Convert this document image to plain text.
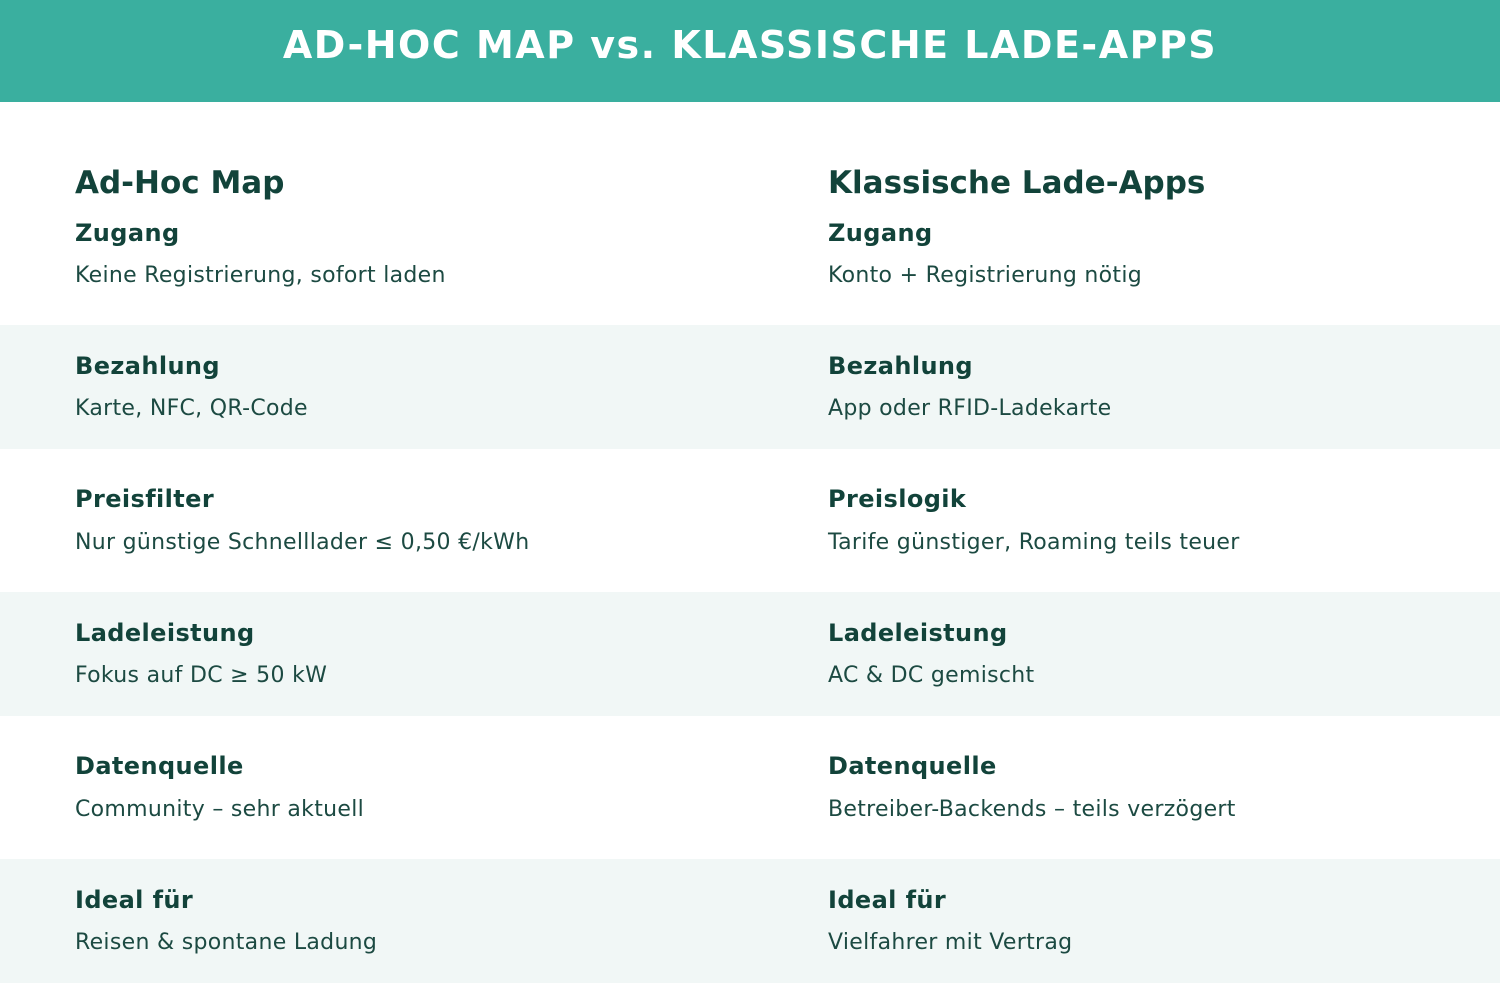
AD-HOC MAP vs. KLASSISCHE LADE-APPS
Ad-Hoc Map	Klassische Lade-Apps
Zugang
Keine Registrierung, sofort laden
Zugang
Konto + Registrierung nötig
Bezahlung
Karte, NFC, QR-Code
Bezahlung
App oder RFID-Ladekarte
Preisfilter
Nur günstige Schnelllader ≤ 0,50 €/kWh
Preislogik
Tarife günstiger, Roaming teils teuer
Ladeleistung
Fokus auf DC ≥ 50 kW
Ladeleistung
AC & DC gemischt
Datenquelle
Community – sehr aktuell
Datenquelle
Betreiber-Backends – teils verzögert
Ideal für
Reisen & spontane Ladung
Ideal für
Vielfahrer mit Vertrag
